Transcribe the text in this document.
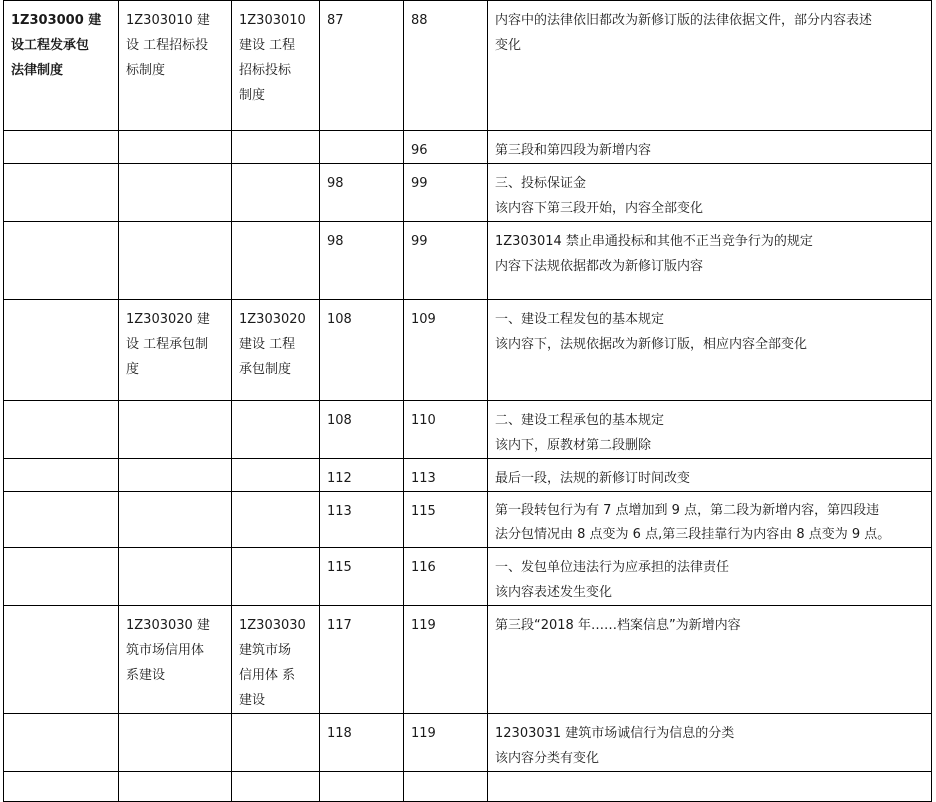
1Z303000 建
设工程发承包
法律制度	1Z303010 建
设 工程招标投
标制度	1Z303010
建设 工程
招标投标
制度	87	88	内容中的法律依旧都改为新修订版的法律依据文件，部分内容表述
变化
				96	第三段和第四段为新增内容
			98	99	三、投标保证金
该内容下第三段开始，内容全部变化
			98	99	1Z303014 禁止串通投标和其他不正当竞争行为的规定
内容下法规依据都改为新修订版内容
	1Z303020 建
设 工程承包制
度	1Z303020
建设 工程
承包制度	108	109	一、建设工程发包的基本规定
该内容下，法规依据改为新修订版，相应内容全部变化
			108	110	二、建设工程承包的基本规定
该内下，原教材第二段删除
			112	113	最后一段，法规的新修订时间改变
			113	115	第一段转包行为有 7 点增加到 9 点，第二段为新增内容，第四段违
法分包情况由 8 点变为 6 点,第三段挂靠行为内容由 8 点变为 9 点。
			115	116	一、发包单位违法行为应承担的法律责任
该内容表述发生变化
	1Z303030 建
筑市场信用体
系建设	1Z303030
建筑市场
信用体 系
建设	117	119	第三段“2018 年……档案信息”为新增内容
			118	119	12303031 建筑市场诚信行为信息的分类
该内容分类有变化
